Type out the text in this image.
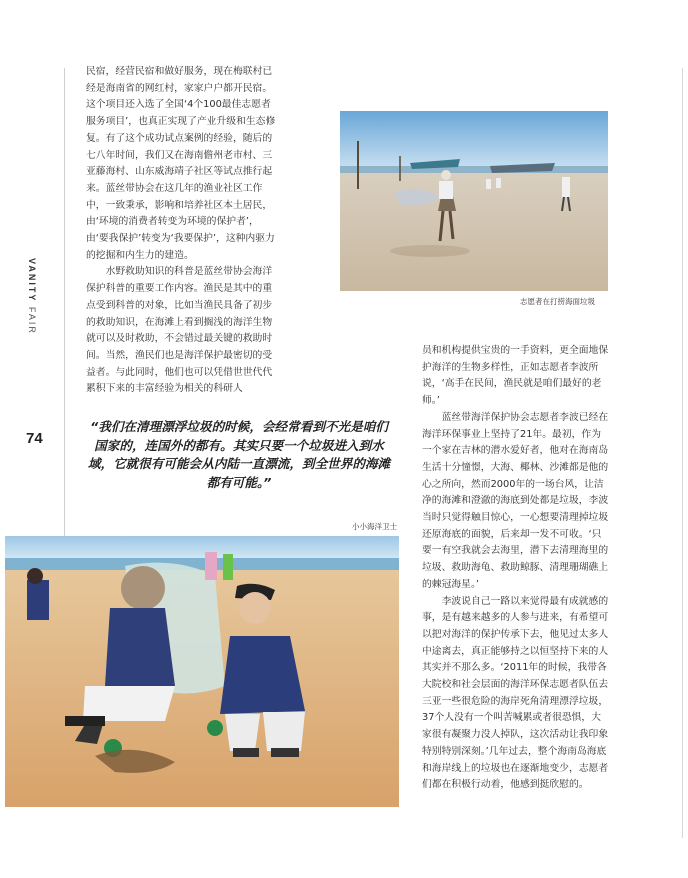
VANITY FAIR
74

民宿，经营民宿和做好服务，现在梅联村已经是海南省的网红村，家家户户都开民宿。这个项目还入选了全国‘4个100最佳志愿者服务项目’，也真正实现了产业升级和生态修复。有了这个成功试点案例的经验，随后的七八年时间，我们又在海南儋州老市村、三亚藤海村、山东威海靖子社区等试点推行起来。蓝丝带协会在这几年的渔业社区工作中，一致秉承，影响和培养社区本土居民，由‘环境的消费者转变为环境的保护者’，由‘要我保护’转变为‘我要保护’，这种内驱力的挖掘和内生力的建造。

水野救助知识的科普是蓝丝带协会海洋保护科普的重要工作内容。渔民是其中的重点受到科普的对象，比如当渔民具备了初步的救助知识，在海滩上看到搁浅的海洋生物就可以及时救助，不会错过最关键的救助时间。当然，渔民们也是海洋保护最密切的受益者。与此同时，他们也可以凭借世世代代累积下来的丰富经验为相关的科研人

志愿者在打捞海面垃圾

员和机构提供宝贵的一手资料，更全面地保护海洋的生物多样性，正如志愿者李波所说，‘高手在民间，渔民就是咱们最好的老师。’

蓝丝带海洋保护协会志愿者李波已经在海洋环保事业上坚持了21年。最初，作为一个家在吉林的潜水爱好者，他对在海南岛生活十分憧憬，大海、椰林、沙滩都是他的心之所向，然而2000年的一场台风，让洁净的海滩和澄澈的海底到处都是垃圾，李波当时只觉得触目惊心，一心想要清理掉垃圾还原海底的面貌，后来却一发不可收。‘只要一有空我就会去海里，潜下去清理海里的垃圾、救助海龟、救助鲸豚、清理珊瑚礁上的棘冠海星。’

李波说自己一路以来觉得最有成就感的事，是有越来越多的人参与进来，有希望可以把对海洋的保护传承下去，他见过太多人中途离去，真正能够持之以恒坚持下来的人其实并不那么多。‘2011年的时候，我带各大院校和社会层面的海洋环保志愿者队伍去三亚一些很危险的海岸死角清理漂浮垃圾，37个人没有一个叫苦喊累或者很恐惧，大家很有凝聚力没人掉队，这次活动让我印象特别特别深刻。’几年过去，整个海南岛海底和海岸线上的垃圾也在逐渐地变少，志愿者们都在积极行动着，他感到挺欣慰的。

“我们在清理漂浮垃圾的时候，会经常看到不光是咱们国家的，连国外的都有。其实只要一个垃圾进入到水域，它就很有可能会从内陆一直漂流，到全世界的海滩都有可能。”
小小海洋卫士
